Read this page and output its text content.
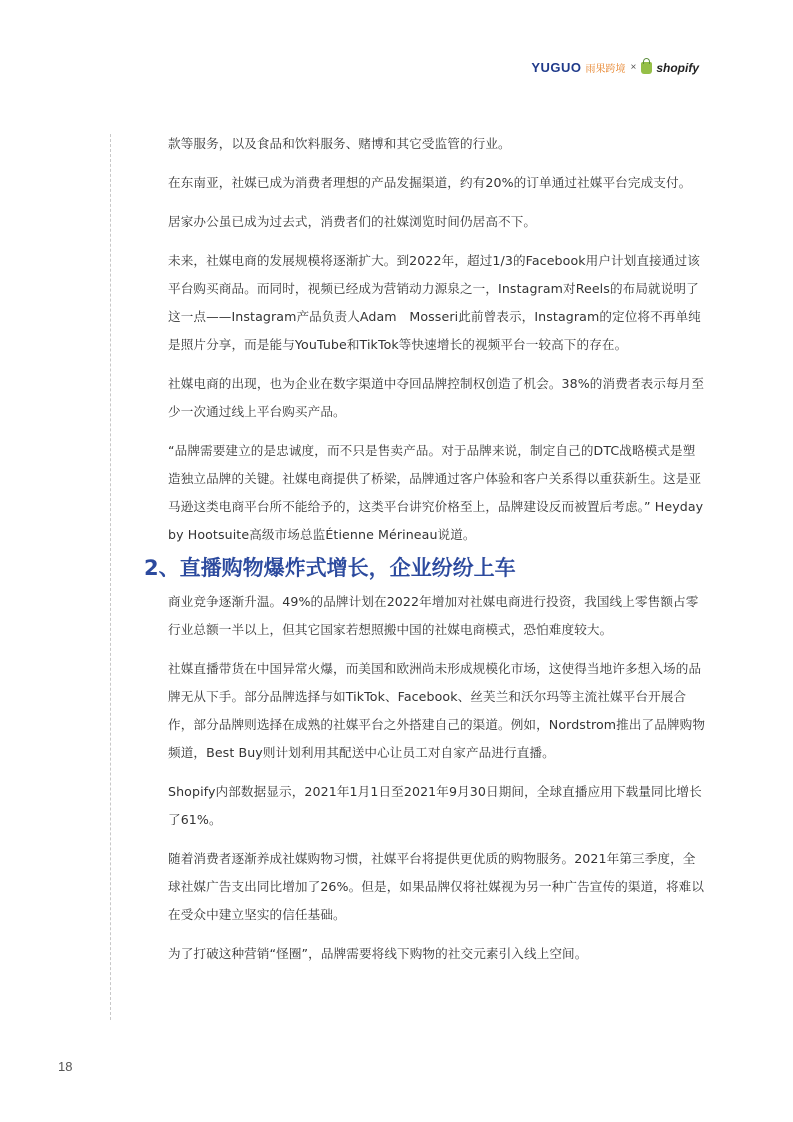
YUGUO 雨果跨境 × shopify

款等服务，以及食品和饮料服务、赌博和其它受监管的行业。

在东南亚，社媒已成为消费者理想的产品发掘渠道，约有20%的订单通过社媒平台完成支付。

居家办公虽已成为过去式，消费者们的社媒浏览时间仍居高不下。

未来，社媒电商的发展规模将逐渐扩大。到2022年，超过1/3的Facebook用户计划直接通过该平台购买商品。而同时，视频已经成为营销动力源泉之一，Instagram对Reels的布局就说明了这一点——Instagram产品负责人Adam　Mosseri此前曾表示，Instagram的定位将不再单纯是照片分享，而是能与YouTube和TikTok等快速增长的视频平台一较高下的存在。

社媒电商的出现，也为企业在数字渠道中夺回品牌控制权创造了机会。38%的消费者表示每月至少一次通过线上平台购买产品。

“品牌需要建立的是忠诚度，而不只是售卖产品。对于品牌来说，制定自己的DTC战略模式是塑造独立品牌的关键。社媒电商提供了桥梁，品牌通过客户体验和客户关系得以重获新生。这是亚马逊这类电商平台所不能给予的，这类平台讲究价格至上，品牌建设反而被置后考虑。” Heyday by Hootsuite高级市场总监Étienne Mérineau说道。

2、直播购物爆炸式增长，企业纷纷上车

商业竞争逐渐升温。49%的品牌计划在2022年增加对社媒电商进行投资，我国线上零售额占零行业总额一半以上，但其它国家若想照搬中国的社媒电商模式，恐怕难度较大。

社媒直播带货在中国异常火爆，而美国和欧洲尚未形成规模化市场，这使得当地许多想入场的品牌无从下手。部分品牌选择与如TikTok、Facebook、丝芙兰和沃尔玛等主流社媒平台开展合作，部分品牌则选择在成熟的社媒平台之外搭建自己的渠道。例如，Nordstrom推出了品牌购物频道，Best Buy则计划利用其配送中心让员工对自家产品进行直播。

Shopify内部数据显示，2021年1月1日至2021年9月30日期间，全球直播应用下载量同比增长了61%。

随着消费者逐渐养成社媒购物习惯，社媒平台将提供更优质的购物服务。2021年第三季度，全球社媒广告支出同比增加了26%。但是，如果品牌仅将社媒视为另一种广告宣传的渠道，将难以在受众中建立坚实的信任基础。

为了打破这种营销“怪圈”，品牌需要将线下购物的社交元素引入线上空间。

18
